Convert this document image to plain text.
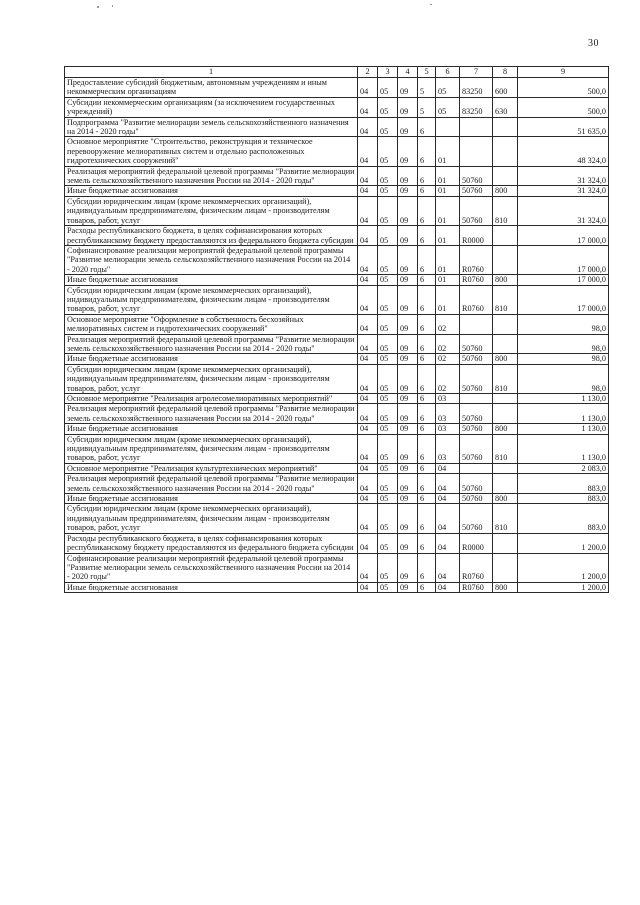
30
1	2	3	4	5	6	7	8	9
Предоставление субсидий бюджетным, автономным учреждениям и иным некоммерческим организациям	04	05	09	5	05	83250	600	500,0
Субсидии некоммерческим организациям (за исключением государственных учреждений)	04	05	09	5	05	83250	630	500,0
Подпрограмма "Развитие мелиорации земель сельскохозяйственного назначения на 2014 - 2020 годы"	04	05	09	6				51 635,0
Основное мероприятие "Строительство, реконструкция и техническое перевооружение мелиоративных систем и отдельно расположенных гидротехнических сооружений"	04	05	09	6	01			48 324,0
Реализация мероприятий федеральной целевой программы "Развитие мелиорации земель сельскохозяйственного назначения России на 2014 - 2020 годы"	04	05	09	6	01	50760		31 324,0
Иные бюджетные ассигнования	04	05	09	6	01	50760	800	31 324,0
Субсидии юридическим лицам (кроме некоммерческих организаций), индивидуальным предпринимателям, физическим лицам - производителям товаров, работ, услуг	04	05	09	6	01	50760	810	31 324,0
Расходы республиканского бюджета, в целях софинансирования которых республиканскому бюджету предоставляются из федерального бюджета субсидии	04	05	09	6	01	R0000		17 000,0
Софинансирование реализации мероприятий федеральной целевой программы "Развитие мелиорации земель сельскохозяйственного назначения России на 2014 - 2020 годы"	04	05	09	6	01	R0760		17 000,0
Иные бюджетные ассигнования	04	05	09	6	01	R0760	800	17 000,0
Субсидии юридическим лицам (кроме некоммерческих организаций), индивидуальным предпринимателям, физическим лицам - производителям товаров, работ, услуг	04	05	09	6	01	R0760	810	17 000,0
Основное мероприятие "Оформление в собственность бесхозяйных мелиоративных систем и гидротехнических сооружений"	04	05	09	6	02			98,0
Реализация мероприятий федеральной целевой программы "Развитие мелиорации земель сельскохозяйственного назначения России на 2014 - 2020 годы"	04	05	09	6	02	50760		98,0
Иные бюджетные ассигнования	04	05	09	6	02	50760	800	98,0
Субсидии юридическим лицам (кроме некоммерческих организаций), индивидуальным предпринимателям, физическим лицам - производителям товаров, работ, услуг	04	05	09	6	02	50760	810	98,0
Основное мероприятие "Реализация агролесомелиоративных мероприятий"	04	05	09	6	03			1 130,0
Реализация мероприятий федеральной целевой программы "Развитие мелиорации земель сельскохозяйственного назначения России на 2014 - 2020 годы"	04	05	09	6	03	50760		1 130,0
Иные бюджетные ассигнования	04	05	09	6	03	50760	800	1 130,0
Субсидии юридическим лицам (кроме некоммерческих организаций), индивидуальным предпринимателям, физическим лицам - производителям товаров, работ, услуг	04	05	09	6	03	50760	810	1 130,0
Основное мероприятие "Реализация культуртехнических мероприятий"	04	05	09	6	04			2 083,0
Реализация мероприятий федеральной целевой программы "Развитие мелиорации земель сельскохозяйственного назначения России на 2014 - 2020 годы"	04	05	09	6	04	50760		883,0
Иные бюджетные ассигнования	04	05	09	6	04	50760	800	883,0
Субсидии юридическим лицам (кроме некоммерческих организаций), индивидуальным предпринимателям, физическим лицам - производителям товаров, работ, услуг	04	05	09	6	04	50760	810	883,0
Расходы республиканского бюджета, в целях софинансирования которых республиканскому бюджету предоставляются из федерального бюджета субсидии	04	05	09	6	04	R0000		1 200,0
Софинансирование реализации мероприятий федеральной целевой программы "Развитие мелиорации земель сельскохозяйственного назначения России на 2014 - 2020 годы"	04	05	09	6	04	R0760		1 200,0
Иные бюджетные ассигнования	04	05	09	6	04	R0760	800	1 200,0
